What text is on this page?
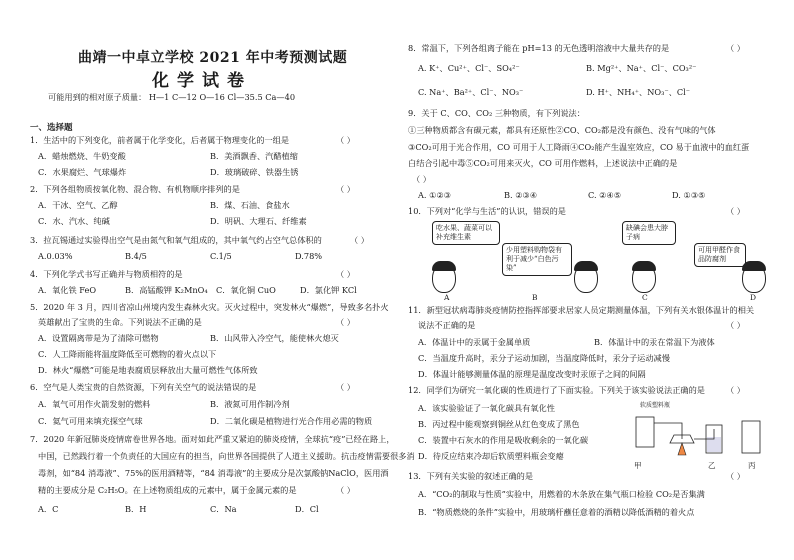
曲靖一中卓立学校 2021 年中考预测试题
化学试卷
可能用到的相对原子质量： H—1 C—12 O—16 Cl—35.5 Ca—40
一、选择题
1．生活中的下列变化，前者属于化学变化，后者属于物理变化的一组是	（ ）
A．蜡烛燃烧、牛奶变酸	B．美酒飘香、汽醋植缩
C．水果腐烂、气球爆炸	D．玻璃破碎、铁器生锈
2．下列各组物质按氧化物、混合物、有机物顺序排列的是	（ ）
A．干冰、空气、乙醇	B．煤、石油、食盐水
C．水、汽水、纯碱	D．明矾、大理石、纤维素
3．拉瓦锡通过实验得出空气是由氮气和氧气组成的，其中氧气约占空气总体积的	（ ）
A.0.03%	B.4/5	C.1/5	D.78%
4．下列化学式书写正确并与物质相符的是	（ ）
A．氧化铁 FeO	B．高锰酸钾 K₂MnO₄ C．氧化铜 CuO	D．氯化钾 KCl
5．2020 年 3 月，四川省凉山州境内发生森林火灾。灭火过程中，突发林火“爆燃”，导致多名扑火
英雄献出了宝贵的生命。下列说法不正确的是	（ ）
A．设置隔离带是为了清除可燃物	B．山风带入冷空气，能使林火熄灭
C．人工降雨能将温度降低至可燃物的着火点以下
D．林火“爆燃”可能是地表腐质层释放出大量可燃性气体所致
6．空气是人类宝贵的自然资源，下列有关空气的说法错误的是	（ ）
A．氧气可用作火箭发射的燃料	B．液氮可用作制冷剂
C．氦气可用来填充探空气球	D．二氧化碳是植物进行光合作用必需的物质
7．2020 年新冠肺炎疫情席卷世界各地。面对如此严重又紧迫的肺炎疫情，全球抗“疫”已经在路上，
中国，已然践行着一个负责任的大国应有的担当，向世界各国提供了人道主义援助。抗击疫情需要很多消
毒剂，如“84 消毒液”、75%的医用酒精等，“84 消毒液”的主要成分是次氯酸钠NaClO，医用酒
精的主要成分是 C₂H₅O。在上述物质组成的元素中，属于金属元素的是	（ ）
A．C	B．H	C．Na	D．Cl
8．常温下，下列各组离子能在 pH=13 的无色透明溶液中大量共存的是	（ ）
A. K⁺、Cu²⁺、Cl⁻、SO₄²⁻	B. Mg²⁺、Na⁺、Cl⁻、CO₃²⁻
C. Na⁺、Ba²⁺、Cl⁻、NO₃⁻	D. H⁺、NH₄⁺、NO₃⁻、Cl⁻
9．关于 C、CO、CO₂ 三种物质，有下列说法：
①三种物质都含有碳元素，都具有还原性②CO、CO₂都是没有颜色、没有气味的气体
③CO₂可用于光合作用，CO 可用于人工降雨④CO₂能产生温室效应，CO 易于血液中的血红蛋
白结合引起中毒⑤CO₂可用来灭火，CO 可用作燃料，上述说法中正确的是
（ ）
A. ①②③	B. ②③④	C. ②④⑤	D. ①③⑤
10．下列对“化学与生活”的认识，错误的是	（ ）
吃水果、蔬菜可以补充维生素
少用塑料购物袋有利于减少“白色污染”
缺碘会患大脖子病
可用甲醛作食品防腐剂
A	B	C	D
11．新型冠状病毒肺炎疫情防控指挥部要求居家人员定期测量体温，下列有关水银体温计的相关
说法不正确的是	（ ）
A．体温计中的汞属于金属单质	B．体温计中的汞在常温下为液体
C．当温度升高时，汞分子运动加剧，当温度降低时，汞分子运动减慢
D．体温计能够测量体温的原理是温度改变时汞原子之间的间隔
12．同学们为研究一氧化碳的性质进行了下面实验。下列关于该实验说法正确的是	（ ）
A．该实验验证了一氧化碳具有氧化性
B．丙过程中能观察到铜丝从红色变成了黑色
C．装置中石灰水的作用是吸收剩余的一氧化碳
D．待反应结束冷却后软质塑料瓶会变瘪
软质塑料瓶
甲	乙	丙
13．下列有关实验的叙述正确的是	（ ）
A．“CO₂的制取与性质”实验中，用燃着的木条放在集气瓶口检验 CO₂是否集满
B．“物质燃烧的条件”实验中，用玻璃杆蘸任意着的酒精以降低酒精的着火点
